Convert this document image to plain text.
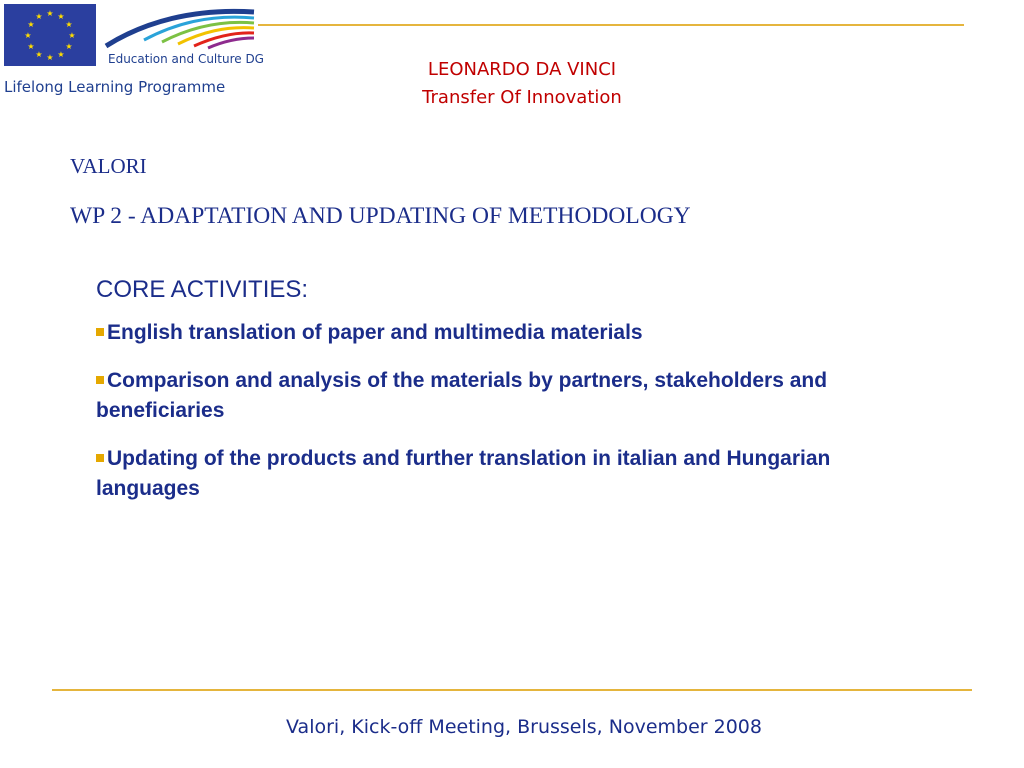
★ ★
★
★
★
★
★
★
★
★
★
★
Education and Culture DG
Lifelong Learning Programme
LEONARDO DA VINCI
Transfer Of Innovation
VALORI
WP 2 - ADAPTATION AND UPDATING OF METHODOLOGY
CORE ACTIVITIES:
English translation of paper and multimedia materials
Comparison and analysis of the materials by partners, stakeholders and beneficiaries
Updating of the products and further translation in italian and Hungarian languages
Valori, Kick-off Meeting, Brussels, November 2008
